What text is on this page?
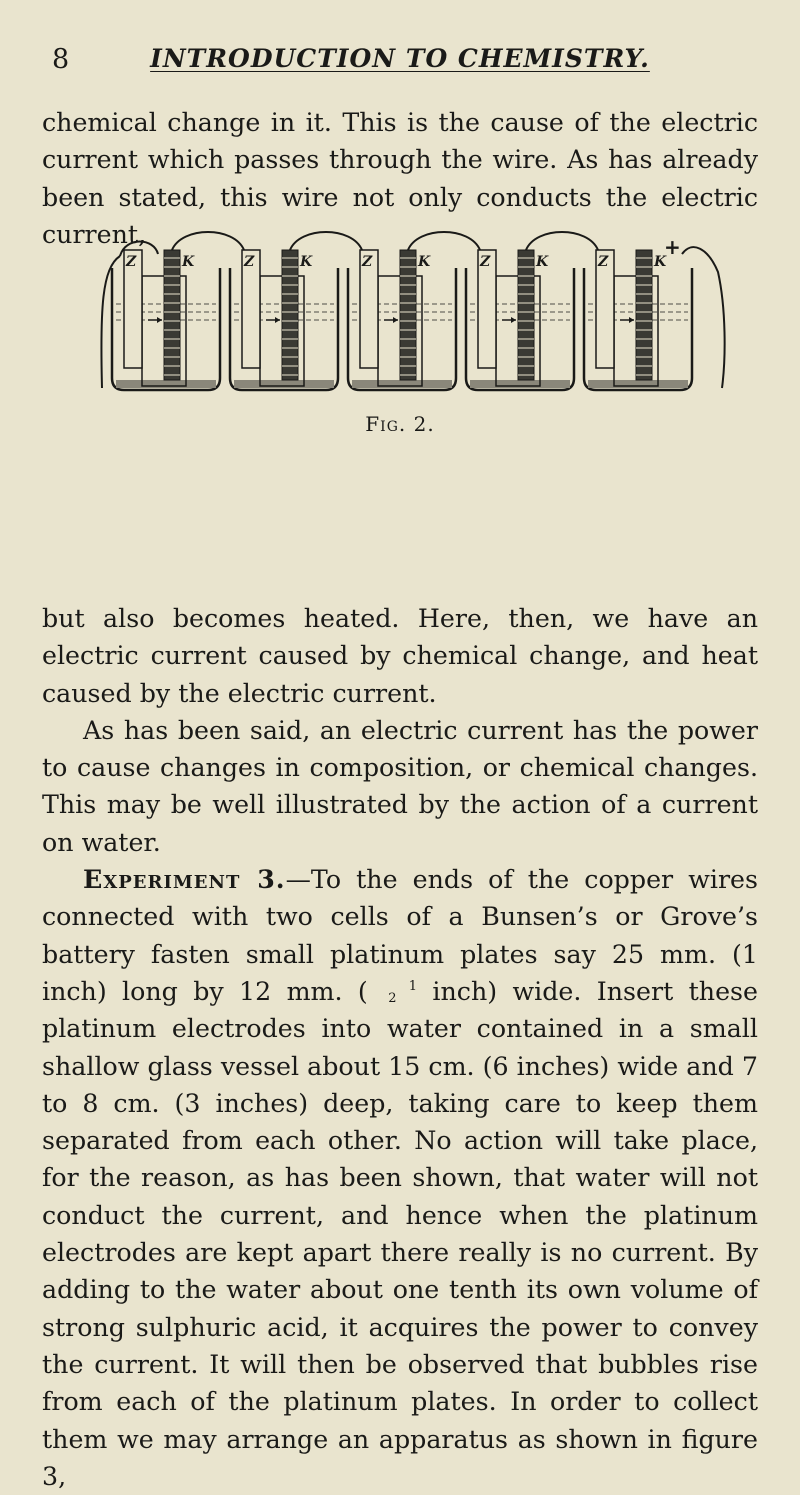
8	INTRODUCTION TO CHEMISTRY.

chemical change in it. This is the cause of the electric current which passes through the wire. As has already been stated, this wire not only conducts the electric current,	+
Z	K	Z	K	Z	K	Z	K	Z	K
Fig. 2.
but also becomes heated. Here, then, we have an electric current caused by chemical change, and heat caused by the electric current.
As has been said, an electric current has the power to cause changes in composition, or chemical changes. This may be well illustrated by the action of a current on water.
Experiment 3.—To the ends of the copper wires connected with two cells of a Bunsen’s or Grove’s battery fasten small platinum plates say 25 mm. (1 inch) long by 12 mm. (	1
2 inch) wide. Insert these platinum electrodes into water contained in a small shallow glass vessel about 15 cm. (6 inches) wide and 7 to 8 cm. (3 inches) deep, taking care to keep them separated from each other. No action will take place, for the reason, as has been shown, that water will not conduct the current, and hence when the platinum electrodes are kept apart there really is no current. By adding to the water about one tenth its own volume of strong sulphuric acid, it acquires the power to convey the current. It will then be observed that bubbles rise from each of the platinum plates. In order to collect them we may arrange an apparatus as shown in figure 3,
